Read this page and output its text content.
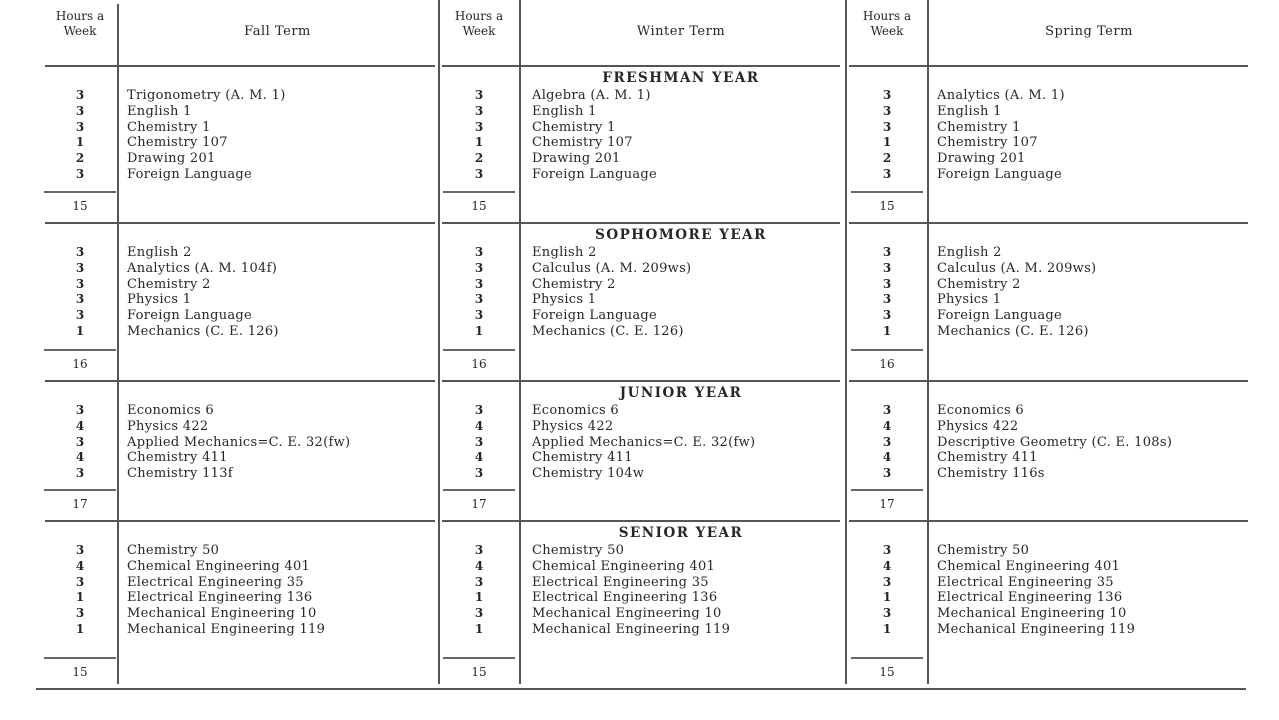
Hours a Week	Fall Term
Hours a Week	Winter Term
Hours a Week	Spring Term
FRESHMAN YEAR
3	Trigonometry (A. M. 1)
3	English 1
3	Chemistry 1
1	Chemistry 107
2	Drawing 201
3	Foreign Language
15
3	Algebra (A. M. 1)
3	English 1
3	Chemistry 1
1	Chemistry 107
2	Drawing 201
3	Foreign Language
15
3	Analytics (A. M. 1)
3	English 1
3	Chemistry 1
1	Chemistry 107
2	Drawing 201
3	Foreign Language
15
SOPHOMORE YEAR
3	English 2
3	Analytics (A. M. 104f)
3	Chemistry 2
3	Physics 1
3	Foreign Language
1	Mechanics (C. E. 126)
16
3	English 2
3	Calculus (A. M. 209ws)
3	Chemistry 2
3	Physics 1
3	Foreign Language
1	Mechanics (C. E. 126)
16
3	English 2
3	Calculus (A. M. 209ws)
3	Chemistry 2
3	Physics 1
3	Foreign Language
1	Mechanics (C. E. 126)
16
JUNIOR YEAR
3	Economics 6
4	Physics 422
3	Applied Mechanics=C. E. 32(fw)
4	Chemistry 411
3	Chemistry 113f
17
3	Economics 6
4	Physics 422
3	Applied Mechanics=C. E. 32(fw)
4	Chemistry 411
3	Chemistry 104w
17
3	Economics 6
4	Physics 422
3	Descriptive Geometry (C. E. 108s)
4	Chemistry 411
3	Chemistry 116s
17
SENIOR YEAR
3	Chemistry 50
4	Chemical Engineering 401
3	Electrical Engineering 35
1	Electrical Engineering 136
3	Mechanical Engineering 10
1	Mechanical Engineering 119
15
3	Chemistry 50
4	Chemical Engineering 401
3	Electrical Engineering 35
1	Electrical Engineering 136
3	Mechanical Engineering 10
1	Mechanical Engineering 119
15
3	Chemistry 50
4	Chemical Engineering 401
3	Electrical Engineering 35
1	Electrical Engineering 136
3	Mechanical Engineering 10
1	Mechanical Engineering 119
15
